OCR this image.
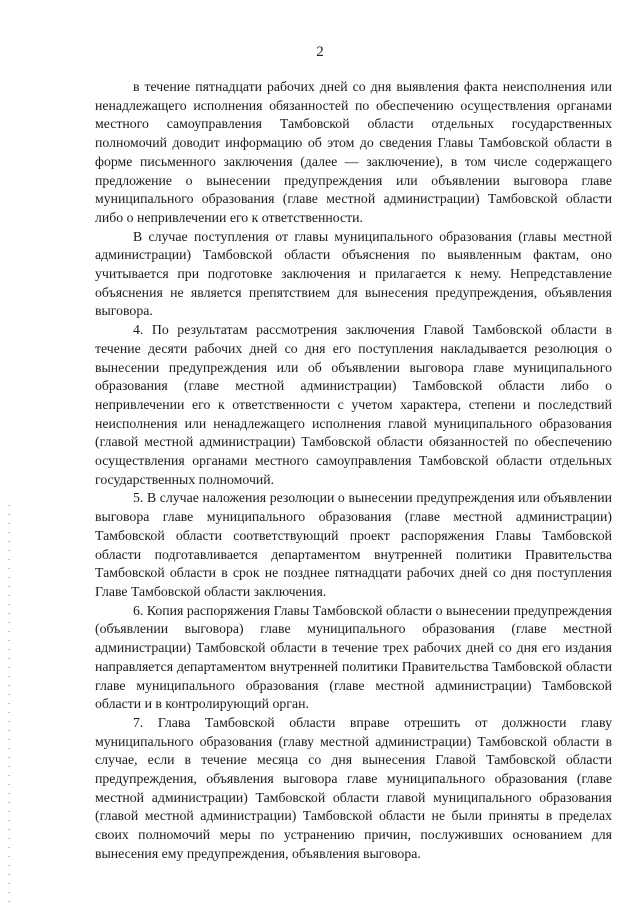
2

в течение пятнадцати рабочих дней со дня выявления факта неисполнения или ненадлежащего исполнения обязанностей по обеспечению осуществления органами местного самоуправления Тамбовской области отдельных государственных полномочий доводит информацию об этом до сведения Главы Тамбовской области в форме письменного заключения (далее — заключение), в том числе содержащего предложение о вынесении предупреждения или объявлении выговора главе муниципального образования (главе местной администрации) Тамбовской области либо о непривлечении его к ответственности.

В случае поступления от главы муниципального образования (главы местной администрации) Тамбовской области объяснения по выявленным фактам, оно учитывается при подготовке заключения и прилагается к нему. Непредставление объяснения не является препятствием для вынесения предупреждения, объявления выговора.

4. По результатам рассмотрения заключения Главой Тамбовской области в течение десяти рабочих дней со дня его поступления накладывается резолюция о вынесении предупреждения или об объявлении выговора главе муниципального образования (главе местной администрации) Тамбовской области либо о непривлечении его к ответственности с учетом характера, степени и последствий неисполнения или ненадлежащего исполнения главой муниципального образования (главой местной администрации) Тамбовской области обязанностей по обеспечению осуществления органами местного самоуправления Тамбовской области отдельных государственных полномочий.

5. В случае наложения резолюции о вынесении предупреждения или объявлении выговора главе муниципального образования (главе местной администрации) Тамбовской области соответствующий проект распоряжения Главы Тамбовской области подготавливается департаментом внутренней политики Правительства Тамбовской области в срок не позднее пятнадцати рабочих дней со дня поступления Главе Тамбовской области заключения.

6. Копия распоряжения Главы Тамбовской области о вынесении предупреждения (объявлении выговора) главе муниципального образования (главе местной администрации) Тамбовской области в течение трех рабочих дней со дня его издания направляется департаментом внутренней политики Правительства Тамбовской области главе муниципального образования (главе местной администрации) Тамбовской области и в контролирующий орган.

7. Глава Тамбовской области вправе отрешить от должности главу муниципального образования (главу местной администрации) Тамбовской области в случае, если в течение месяца со дня вынесения Главой Тамбовской области предупреждения, объявления выговора главе муниципального образования (главе местной администрации) Тамбовской области главой муниципального образования (главой местной администрации) Тамбовской области не были приняты в пределах своих полномочий меры по устранению причин, послуживших основанием для вынесения ему предупреждения, объявления выговора.
